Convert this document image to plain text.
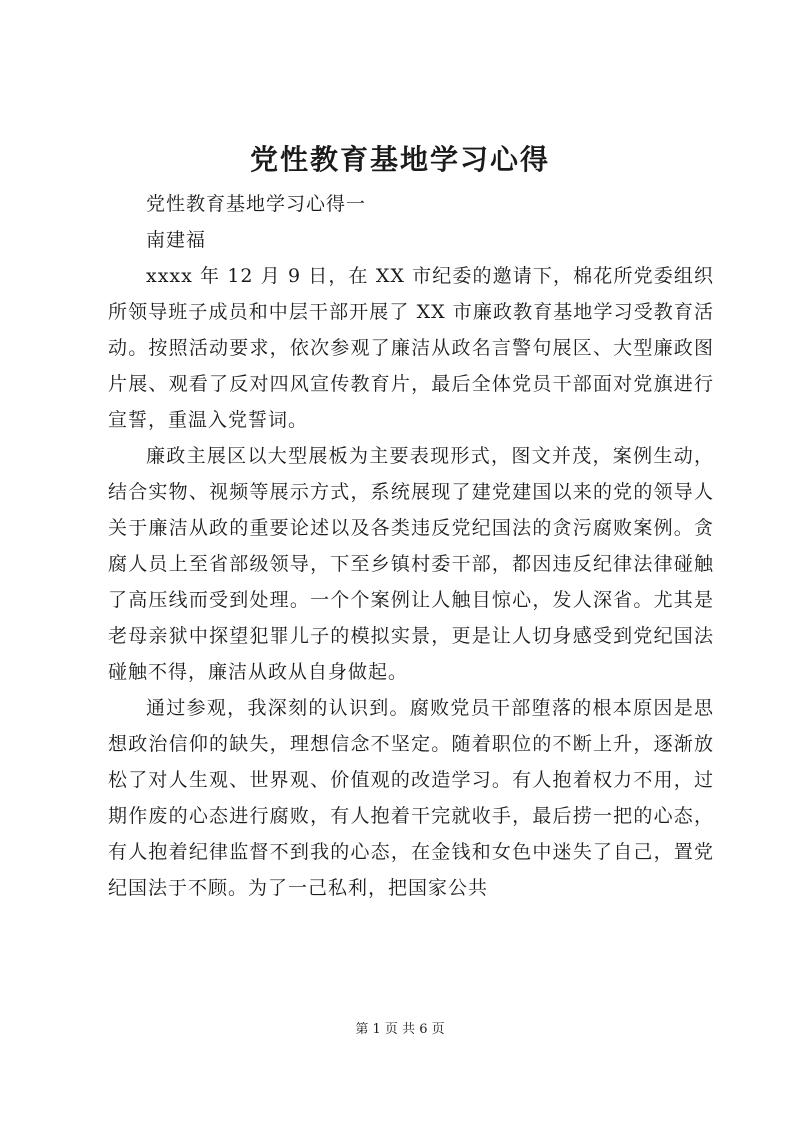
党性教育基地学习心得

党性教育基地学习心得一

南建福

xxxx 年 12 月 9 日，在 XX 市纪委的邀请下，棉花所党委组织所领导班子成员和中层干部开展了 XX 市廉政教育基地学习受教育活动。按照活动要求，依次参观了廉洁从政名言警句展区、大型廉政图片展、观看了反对四风宣传教育片，最后全体党员干部面对党旗进行宣誓，重温入党誓词。

廉政主展区以大型展板为主要表现形式，图文并茂，案例生动，结合实物、视频等展示方式，系统展现了建党建国以来的党的领导人关于廉洁从政的重要论述以及各类违反党纪国法的贪污腐败案例。贪腐人员上至省部级领导，下至乡镇村委干部，都因违反纪律法律碰触了高压线而受到处理。一个个案例让人触目惊心，发人深省。尤其是老母亲狱中探望犯罪儿子的模拟实景，更是让人切身感受到党纪国法碰触不得，廉洁从政从自身做起。

通过参观，我深刻的认识到。腐败党员干部堕落的根本原因是思想政治信仰的缺失，理想信念不坚定。随着职位的不断上升，逐渐放松了对人生观、世界观、价值观的改造学习。有人抱着权力不用，过期作废的心态进行腐败，有人抱着干完就收手，最后捞一把的心态，有人抱着纪律监督不到我的心态，在金钱和女色中迷失了自己，置党纪国法于不顾。为了一己私利，把国家公共

第 1 页 共 6 页
